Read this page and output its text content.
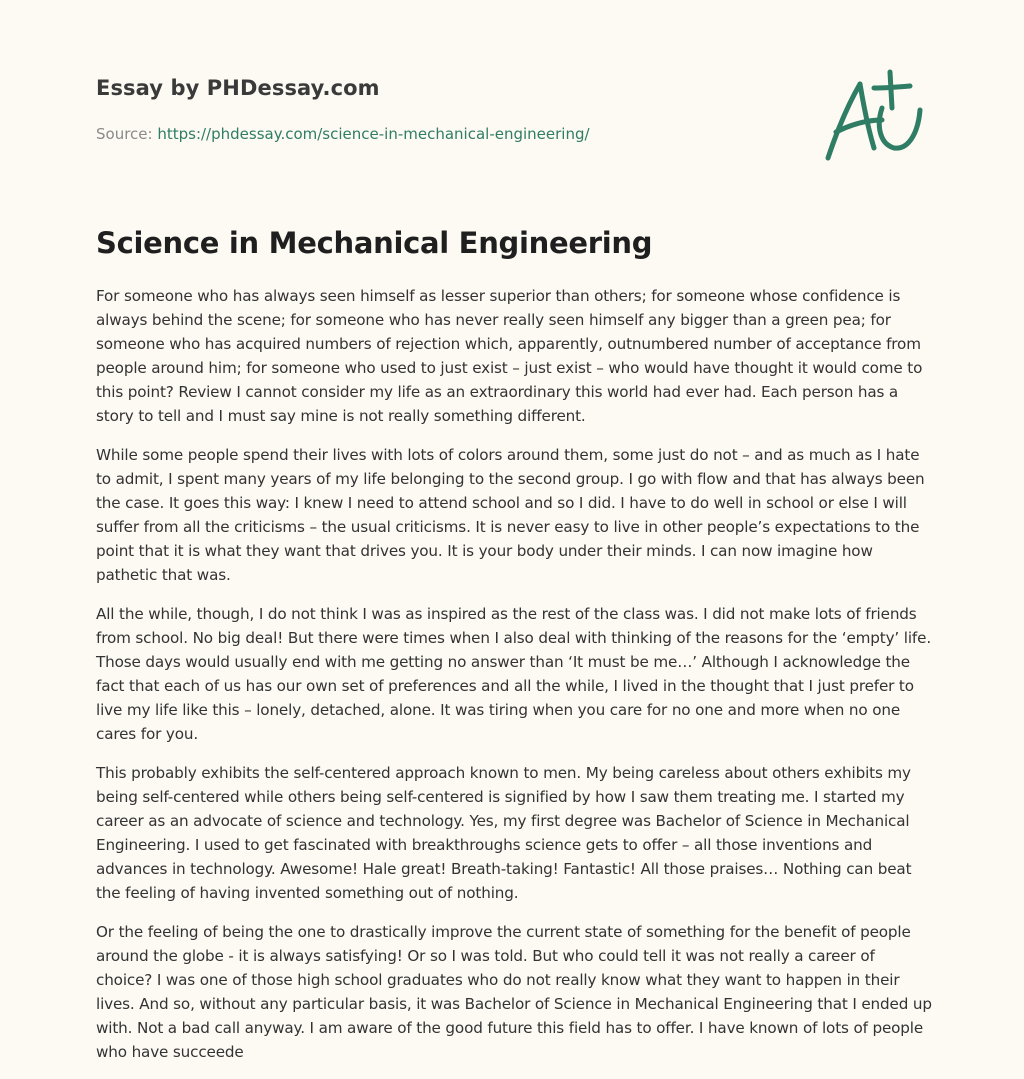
Essay by PHDessay.com
Source: https://phdessay.com/science-in-mechanical-engineering/
Science in Mechanical Engineering

For someone who has always seen himself as lesser superior than others; for someone whose confidence is always behind the scene; for someone who has never really seen himself any bigger than a green pea; for someone who has acquired numbers of rejection which, apparently, outnumbered number of acceptance from people around him; for someone who used to just exist – just exist – who would have thought it would come to this point? Review I cannot consider my life as an extraordinary this world had ever had. Each person has a story to tell and I must say mine is not really something different.

While some people spend their lives with lots of colors around them, some just do not – and as much as I hate to admit, I spent many years of my life belonging to the second group. I go with flow and that has always been the case. It goes this way: I knew I need to attend school and so I did. I have to do well in school or else I will suffer from all the criticisms – the usual criticisms. It is never easy to live in other people’s expectations to the point that it is what they want that drives you. It is your body under their minds. I can now imagine how pathetic that was.

All the while, though, I do not think I was as inspired as the rest of the class was. I did not make lots of friends from school. No big deal! But there were times when I also deal with thinking of the reasons for the ‘empty’ life. Those days would usually end with me getting no answer than ‘It must be me…’ Although I acknowledge the fact that each of us has our own set of preferences and all the while, I lived in the thought that I just prefer to live my life like this – lonely, detached, alone. It was tiring when you care for no one and more when no one cares for you.

This probably exhibits the self-centered approach known to men. My being careless about others exhibits my being self-centered while others being self-centered is signified by how I saw them treating me. I started my career as an advocate of science and technology. Yes, my first degree was Bachelor of Science in Mechanical Engineering. I used to get fascinated with breakthroughs science gets to offer – all those inventions and advances in technology. Awesome! Hale great! Breath-taking! Fantastic! All those praises… Nothing can beat the feeling of having invented something out of nothing.

Or the feeling of being the one to drastically improve the current state of something for the benefit of people around the globe - it is always satisfying! Or so I was told. But who could tell it was not really a career of choice? I was one of those high school graduates who do not really know what they want to happen in their lives. And so, without any particular basis, it was Bachelor of Science in Mechanical Engineering that I ended up with. Not a bad call anyway. I am aware of the good future this field has to offer. I have known of lots of people who have succeede
